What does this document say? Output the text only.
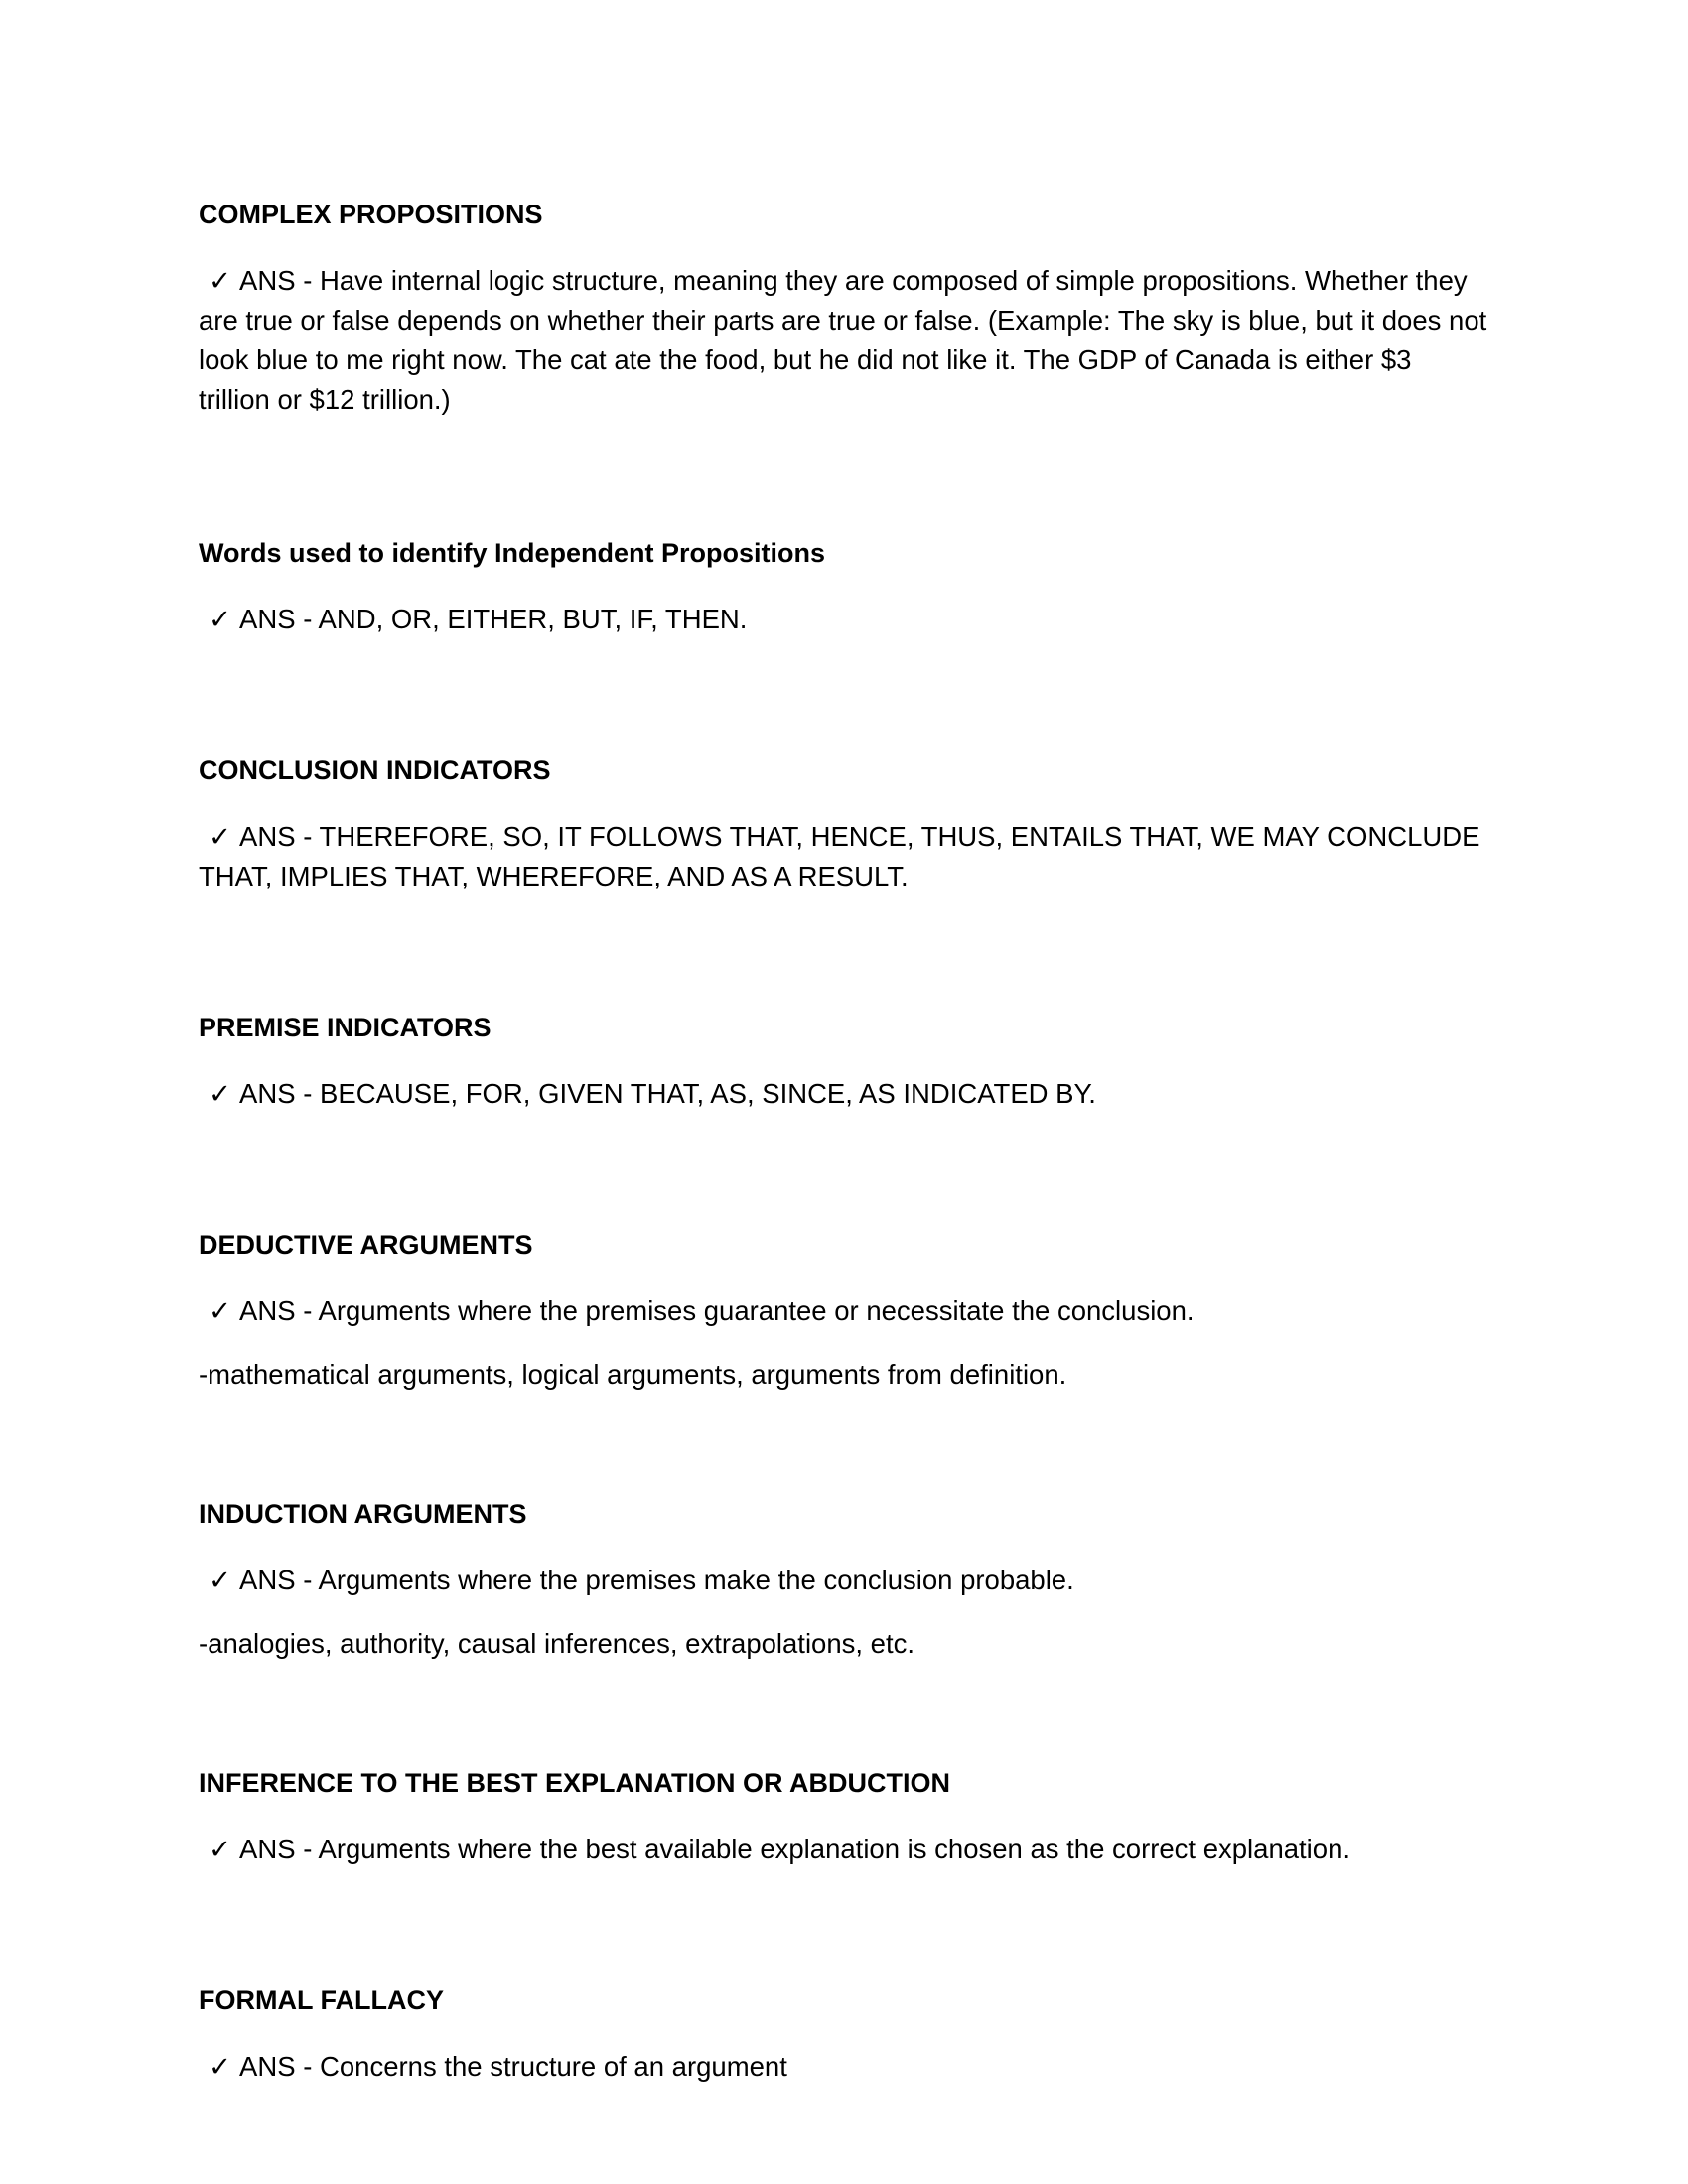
COMPLEX PROPOSITIONS

✓ ANS - Have internal logic structure, meaning they are composed of simple propositions. Whether they are true or false depends on whether their parts are true or false. (Example: The sky is blue, but it does not look blue to me right now. The cat ate the food, but he did not like it. The GDP of Canada is either $3 trillion or $12 trillion.)

Words used to identify Independent Propositions

✓ ANS - AND, OR, EITHER, BUT, IF, THEN.

CONCLUSION INDICATORS

✓ ANS - THEREFORE, SO, IT FOLLOWS THAT, HENCE, THUS, ENTAILS THAT, WE MAY CONCLUDE THAT, IMPLIES THAT, WHEREFORE, AND AS A RESULT.

PREMISE INDICATORS

✓ ANS - BECAUSE, FOR, GIVEN THAT, AS, SINCE, AS INDICATED BY.

DEDUCTIVE ARGUMENTS

✓ ANS - Arguments where the premises guarantee or necessitate the conclusion.

-mathematical arguments, logical arguments, arguments from definition.

INDUCTION ARGUMENTS

✓ ANS - Arguments where the premises make the conclusion probable.

-analogies, authority, causal inferences, extrapolations, etc.

INFERENCE TO THE BEST EXPLANATION OR ABDUCTION

✓ ANS - Arguments where the best available explanation is chosen as the correct explanation.

FORMAL FALLACY

✓ ANS - Concerns the structure of an argument
